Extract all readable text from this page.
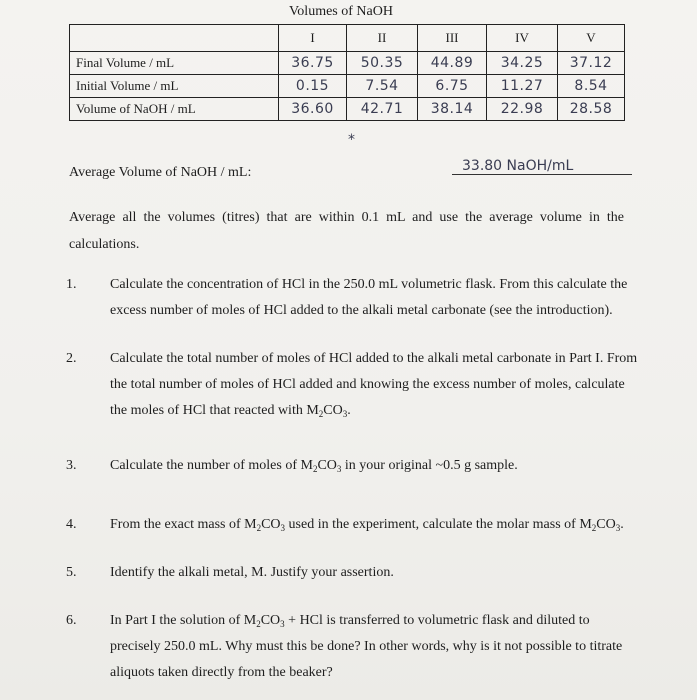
Volumes of NaOH
	I	II	III	IV	V
Final Volume / mL	36.75	50.35	44.89	34.25	37.12
Initial Volume / mL	0.15	7.54	6.75	11.27	8.54
Volume of NaOH / mL	36.60	42.71	38.14	22.98	28.58
*
Average Volume of NaOH / mL:	33.80 NaOH/mL
Average all the volumes (titres) that are within 0.1 mL and use the average volume in the calculations.
1. Calculate the concentration of HCl in the 250.0 mL volumetric flask. From this calculate the excess number of moles of HCl added to the alkali metal carbonate (see the introduction).
2. Calculate the total number of moles of HCl added to the alkali metal carbonate in Part I. From the total number of moles of HCl added and knowing the excess number of moles, calculate the moles of HCl that reacted with $M_2CO_3$.
3. Calculate the number of moles of $M_2CO_3$ in your original ~0.5 g sample.
4. From the exact mass of $M_2CO_3$ used in the experiment, calculate the molar mass of $M_2CO_3$.
5. Identify the alkali metal, M. Justify your assertion.
6. In Part I the solution of $M_2CO_3$ + HCl is transferred to volumetric flask and diluted to precisely 250.0 mL. Why must this be done? In other words, why is it not possible to titrate aliquots taken directly from the beaker?
